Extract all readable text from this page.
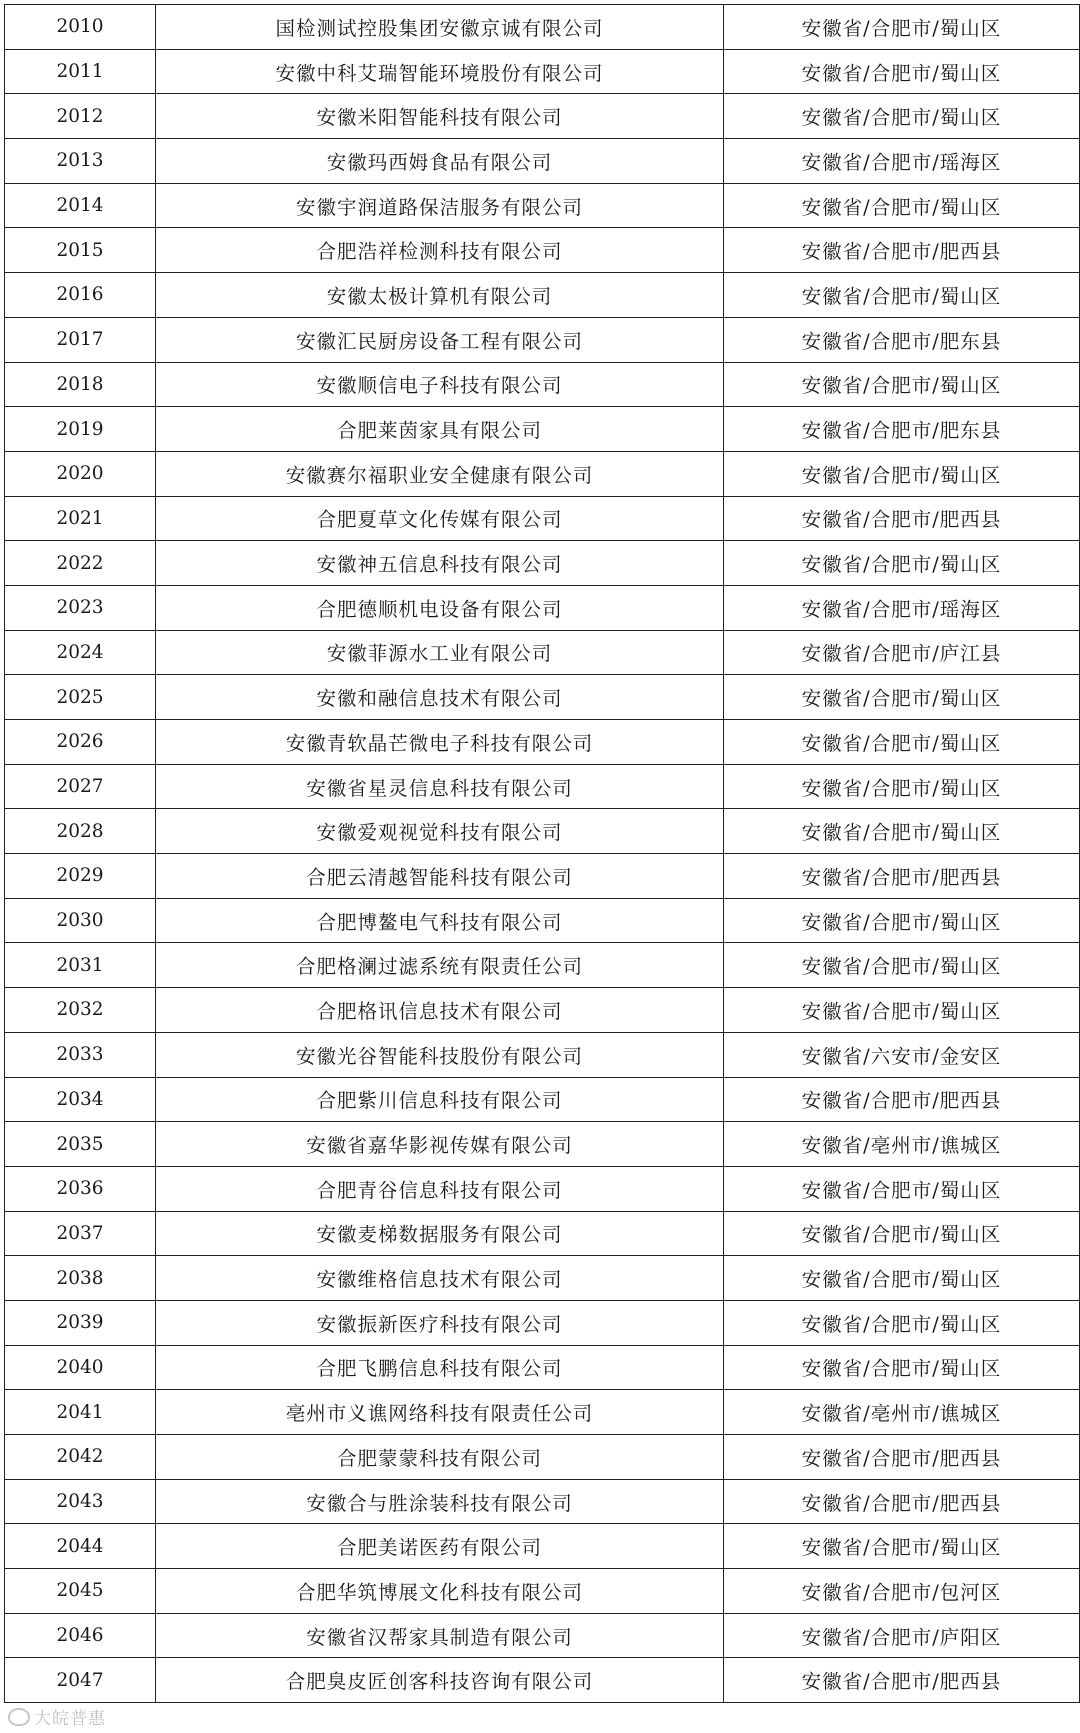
2010	国检测试控股集团安徽京诚有限公司	安徽省/合肥市/蜀山区
2011	安徽中科艾瑞智能环境股份有限公司	安徽省/合肥市/蜀山区
2012	安徽米阳智能科技有限公司	安徽省/合肥市/蜀山区
2013	安徽玛西姆食品有限公司	安徽省/合肥市/瑶海区
2014	安徽宇润道路保洁服务有限公司	安徽省/合肥市/蜀山区
2015	合肥浩祥检测科技有限公司	安徽省/合肥市/肥西县
2016	安徽太极计算机有限公司	安徽省/合肥市/蜀山区
2017	安徽汇民厨房设备工程有限公司	安徽省/合肥市/肥东县
2018	安徽顺信电子科技有限公司	安徽省/合肥市/蜀山区
2019	合肥莱茵家具有限公司	安徽省/合肥市/肥东县
2020	安徽赛尔福职业安全健康有限公司	安徽省/合肥市/蜀山区
2021	合肥夏草文化传媒有限公司	安徽省/合肥市/肥西县
2022	安徽神五信息科技有限公司	安徽省/合肥市/蜀山区
2023	合肥德顺机电设备有限公司	安徽省/合肥市/瑶海区
2024	安徽菲源水工业有限公司	安徽省/合肥市/庐江县
2025	安徽和融信息技术有限公司	安徽省/合肥市/蜀山区
2026	安徽青软晶芒微电子科技有限公司	安徽省/合肥市/蜀山区
2027	安徽省星灵信息科技有限公司	安徽省/合肥市/蜀山区
2028	安徽爱观视觉科技有限公司	安徽省/合肥市/蜀山区
2029	合肥云清越智能科技有限公司	安徽省/合肥市/肥西县
2030	合肥博鳌电气科技有限公司	安徽省/合肥市/蜀山区
2031	合肥格澜过滤系统有限责任公司	安徽省/合肥市/蜀山区
2032	合肥格讯信息技术有限公司	安徽省/合肥市/蜀山区
2033	安徽光谷智能科技股份有限公司	安徽省/六安市/金安区
2034	合肥紫川信息科技有限公司	安徽省/合肥市/肥西县
2035	安徽省嘉华影视传媒有限公司	安徽省/亳州市/谯城区
2036	合肥青谷信息科技有限公司	安徽省/合肥市/蜀山区
2037	安徽麦梯数据服务有限公司	安徽省/合肥市/蜀山区
2038	安徽维格信息技术有限公司	安徽省/合肥市/蜀山区
2039	安徽振新医疗科技有限公司	安徽省/合肥市/蜀山区
2040	合肥飞鹏信息科技有限公司	安徽省/合肥市/蜀山区
2041	亳州市义谯网络科技有限责任公司	安徽省/亳州市/谯城区
2042	合肥蒙蒙科技有限公司	安徽省/合肥市/肥西县
2043	安徽合与胜涂装科技有限公司	安徽省/合肥市/肥西县
2044	合肥美诺医药有限公司	安徽省/合肥市/蜀山区
2045	合肥华筑博展文化科技有限公司	安徽省/合肥市/包河区
2046	安徽省汉帮家具制造有限公司	安徽省/合肥市/庐阳区
2047	合肥臭皮匠创客科技咨询有限公司	安徽省/合肥市/肥西县
大皖普惠
